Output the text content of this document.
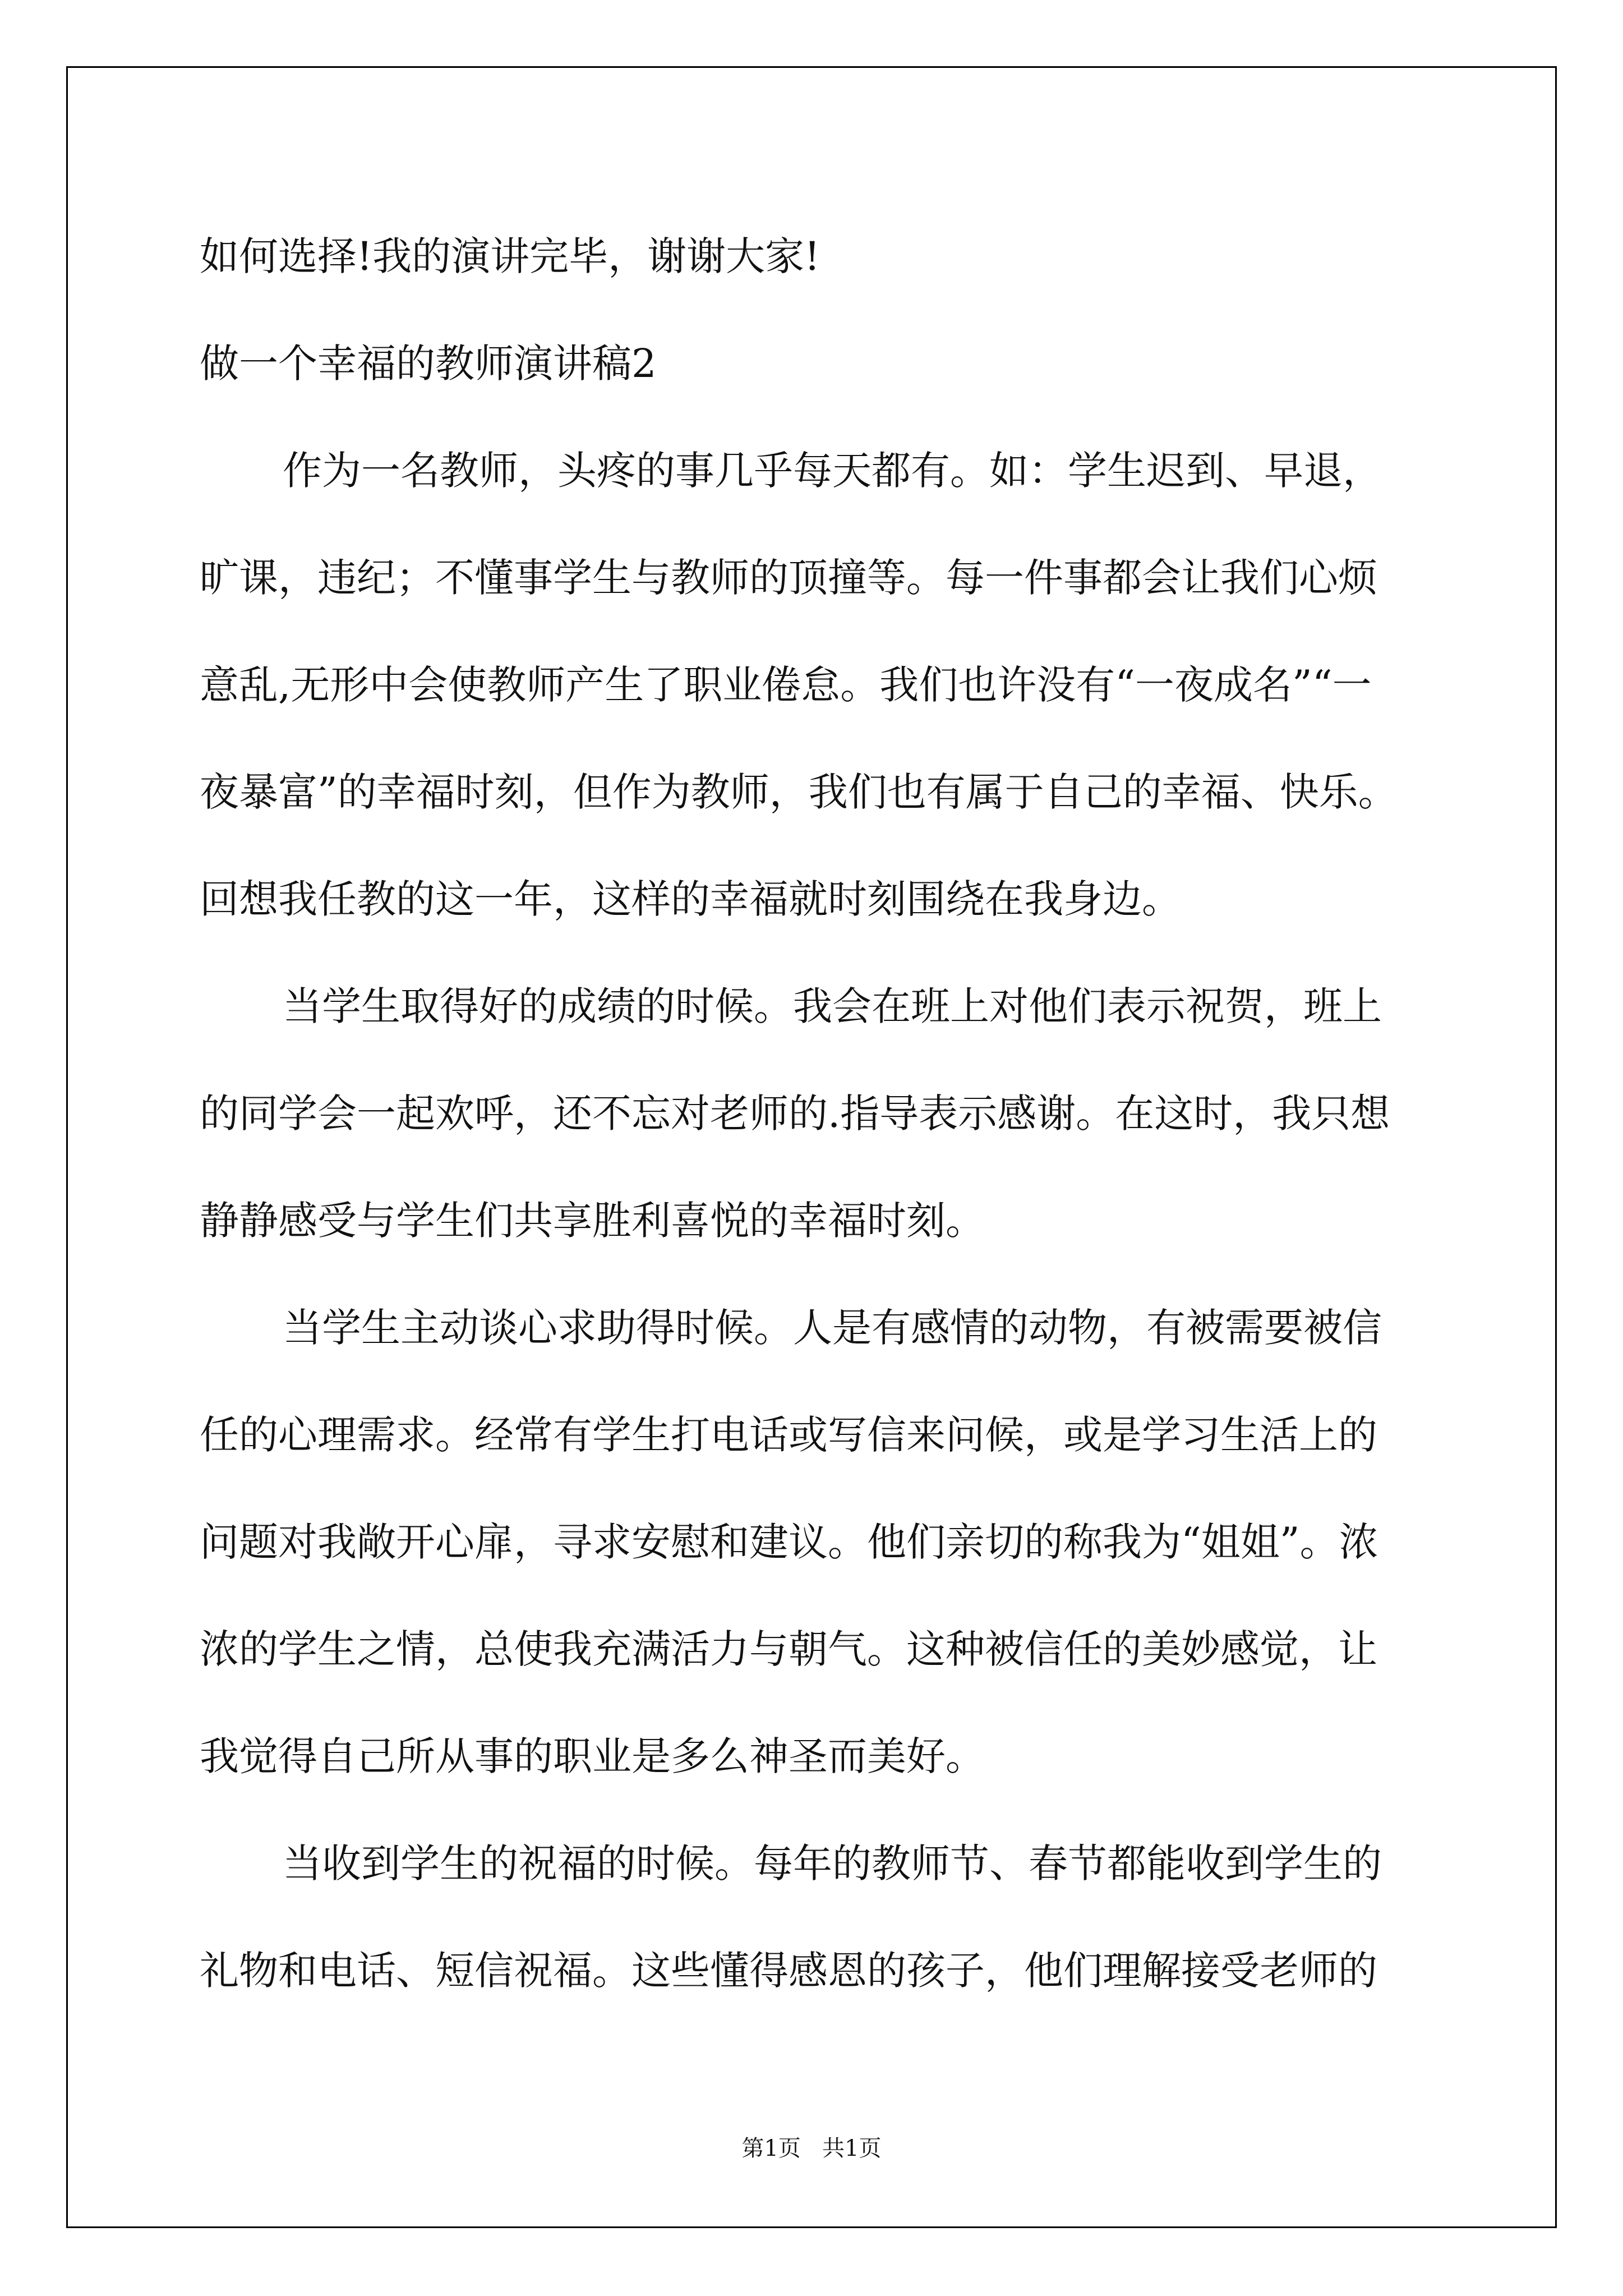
如何选择!我的演讲完毕，谢谢大家!
做一个幸福的教师演讲稿2
作为一名教师，头疼的事几乎每天都有。如：学生迟到、早退，
旷课，违纪；不懂事学生与教师的顶撞等。每一件事都会让我们心烦
意乱,无形中会使教师产生了职业倦怠。我们也许没有“一夜成名”“一
夜暴富”的幸福时刻，但作为教师，我们也有属于自己的幸福、快乐。
回想我任教的这一年，这样的幸福就时刻围绕在我身边。
当学生取得好的成绩的时候。我会在班上对他们表示祝贺，班上
的同学会一起欢呼，还不忘对老师的.指导表示感谢。在这时，我只想
静静感受与学生们共享胜利喜悦的幸福时刻。
当学生主动谈心求助得时候。人是有感情的动物，有被需要被信
任的心理需求。经常有学生打电话或写信来问候，或是学习生活上的
问题对我敞开心扉，寻求安慰和建议。他们亲切的称我为“姐姐”。浓
浓的学生之情，总使我充满活力与朝气。这种被信任的美妙感觉，让
我觉得自己所从事的职业是多么神圣而美好。
当收到学生的祝福的时候。每年的教师节、春节都能收到学生的
礼物和电话、短信祝福。这些懂得感恩的孩子，他们理解接受老师的
第1页   共1页
